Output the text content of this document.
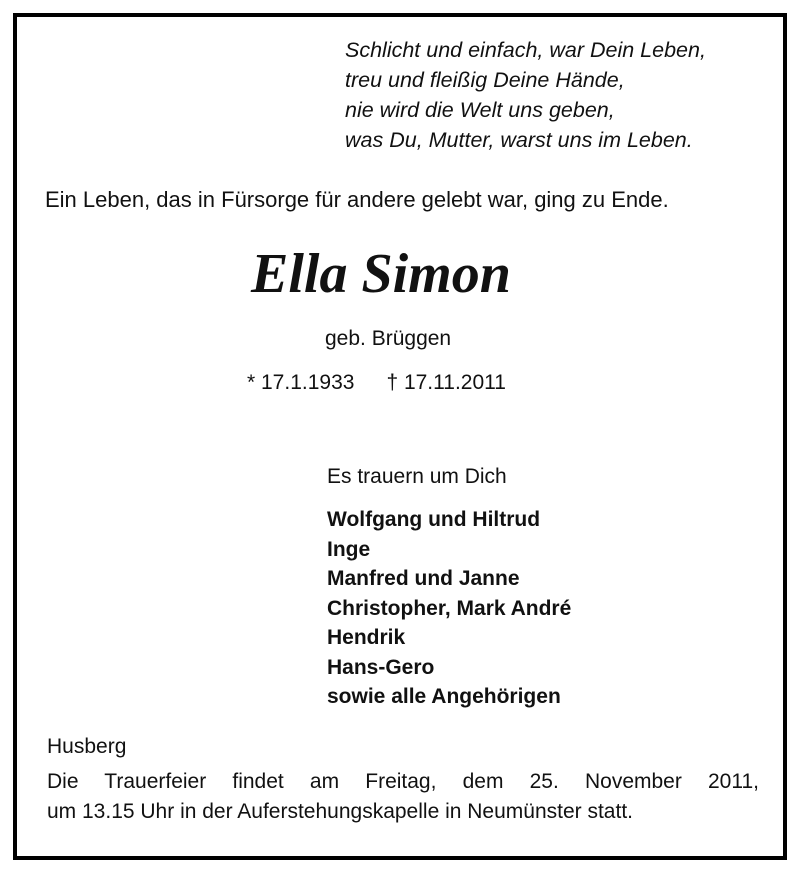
Schlicht und einfach, war Dein Leben,
treu und fleißig Deine Hände,
nie wird die Welt uns geben,
was Du, Mutter, warst uns im Leben.
Ein Leben, das in Fürsorge für andere gelebt war, ging zu Ende.
Ella Simon
geb. Brüggen
* 17.1.1933 † 17.11.2011
Es trauern um Dich
Wolfgang und Hiltrud
Inge
Manfred und Janne
Christopher, Mark André
Hendrik
Hans-Gero
sowie alle Angehörigen
Husberg
Die Trauerfeier findet am Freitag, dem 25. November 2011,
um 13.15 Uhr in der Auferstehungskapelle in Neumünster statt.
